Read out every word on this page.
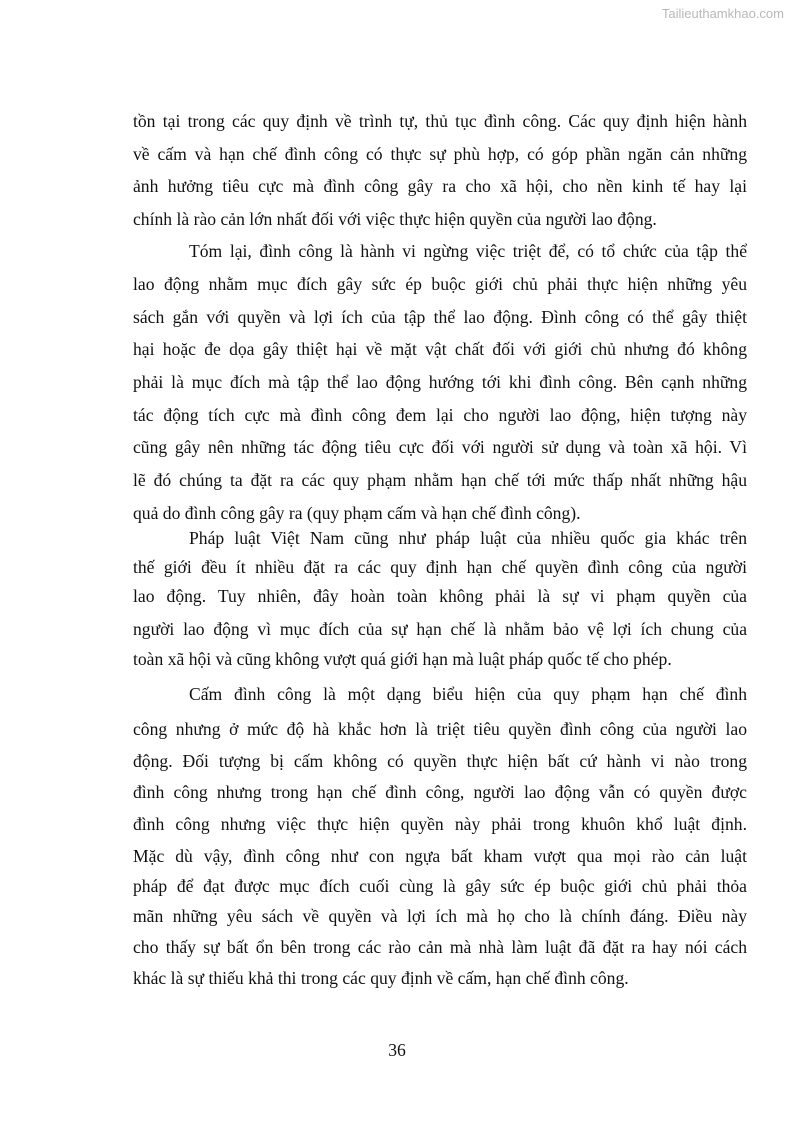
Tailieuthamkhao.com
tồn tại trong các quy định về trình tự, thủ tục đình công. Các quy định hiện hành
về cấm và hạn chế đình công có thực sự phù hợp, có góp phần ngăn cản những
ảnh hưởng tiêu cực mà đình công gây ra cho xã hội, cho nền kinh tế hay lại
chính là rào cản lớn nhất đối với việc thực hiện quyền của người lao động.
Tóm lại, đình công là hành vi ngừng việc triệt để, có tổ chức của tập thể
lao động nhằm mục đích gây sức ép buộc giới chủ phải thực hiện những yêu
sách gắn với quyền và lợi ích của tập thể lao động. Đình công có thể gây thiệt
hại hoặc đe dọa gây thiệt hại về mặt vật chất đối với giới chủ nhưng đó không
phải là mục đích mà tập thể lao động hướng tới khi đình công. Bên cạnh những
tác động tích cực mà đình công đem lại cho người lao động, hiện tượng này
cũng gây nên những tác động tiêu cực đối với người sử dụng và toàn xã hội. Vì
lẽ đó chúng ta đặt ra các quy phạm nhằm hạn chế tới mức thấp nhất những hậu
quả do đình công gây ra (quy phạm cấm và hạn chế đình công).
Pháp luật Việt Nam cũng như pháp luật của nhiều quốc gia khác trên
thế giới đều ít nhiều đặt ra các quy định hạn chế quyền đình công của người
lao động. Tuy nhiên, đây hoàn toàn không phải là sự vi phạm quyền của
người lao động vì mục đích của sự hạn chế là nhằm bảo vệ lợi ích chung của
toàn xã hội và cũng không vượt quá giới hạn mà luật pháp quốc tế cho phép.
Cấm đình công là một dạng biểu hiện của quy phạm hạn chế đình
công nhưng ở mức độ hà khắc hơn là triệt tiêu quyền đình công của người lao
động. Đối tượng bị cấm không có quyền thực hiện bất cứ hành vi nào trong
đình công nhưng trong hạn chế đình công, người lao động vẫn có quyền được
đình công nhưng việc thực hiện quyền này phải trong khuôn khổ luật định.
Mặc dù vậy, đình công như con ngựa bất kham vượt qua mọi rào cản luật
pháp để đạt được mục đích cuối cùng là gây sức ép buộc giới chủ phải thỏa
mãn những yêu sách về quyền và lợi ích mà họ cho là chính đáng. Điều này
cho thấy sự bất ổn bên trong các rào cản mà nhà làm luật đã đặt ra hay nói cách
khác là sự thiếu khả thi trong các quy định về cấm, hạn chế đình công.
36
